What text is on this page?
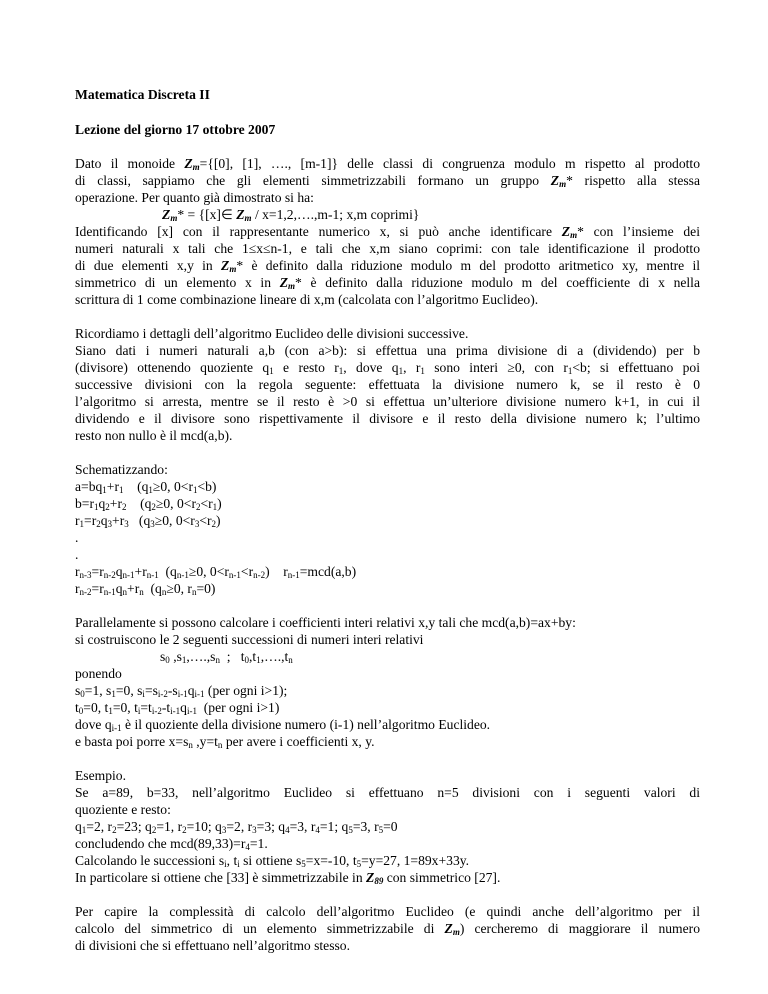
Matematica Discreta II
Lezione del giorno 17 ottobre 2007
Dato il monoide $Z_m=\{[0]$, [1], …., [m-1]} delle classi di congruenza modulo m rispetto al prodotto
di classi, sappiamo che gli elementi simmetrizzabili formano un gruppo $Z_m*$ rispetto alla stessa
operazione. Per quanto già dimostrato si ha:
$Z_m*$ = {[x]∈ $Z_m$ / x=1,2,….,m-1; x,m coprimi}
Identificando [x] con il rappresentante numerico x, si può anche identificare $Z_m*$ con l’insieme dei
numeri naturali x tali che 1≤x≤n-1, e tali che x,m siano coprimi: con tale identificazione il prodotto
di due elementi x,y in $Z_m*$ è definito dalla riduzione modulo m del prodotto aritmetico xy, mentre il
simmetrico di un elemento x in $Z_m*$ è definito dalla riduzione modulo m del coefficiente di x nella
scrittura di 1 come combinazione lineare di x,m (calcolata con l’algoritmo Euclideo).
Ricordiamo i dettagli dell’algoritmo Euclideo delle divisioni successive.
Siano dati i numeri naturali a,b (con a>b): si effettua una prima divisione di a (dividendo) per b
(divisore) ottenendo quoziente $q_1$ e resto $r_1$, dove $q_1$, $r_1$ sono interi ≥0, con $r_1<b$; si effettuano poi
successive divisioni con la regola seguente: effettuata la divisione numero k, se il resto è 0
l’algoritmo si arresta, mentre se il resto è >0 si effettua un’ulteriore divisione numero k+1, in cui il
dividendo e il divisore sono rispettivamente il divisore e il resto della divisione numero k; l’ultimo
resto non nullo è il mcd(a,b).
Schematizzando:
$a=bq_1+r_1$    ($q_1\ge 0$, $0<r_1<b$)
$b=r_1q_2+r_2$    ($q_2\ge 0$, $0<r_2<r_1$)
$r_1=r_2q_3+r_3$   ($q_3\ge 0$, $0<r_3<r_2$)
.
.
$r_{n-3}=r_{n-2}q_{n-1}+r_{n-1}$  ($q_{n-1}\ge 0$, $0<r_{n-1}<r_{n-2}$)    $r_{n-1}=mcd(a,b)$
$r_{n-2}=r_{n-1}q_n+r_n$  ($q_n\ge 0$, $r_n=0$)
Parallelamente si possono calcolare i coefficienti interi relativi x,y tali che mcd(a,b)=ax+by:
si costruiscono le 2 seguenti successioni di numeri interi relativi
$s_0$ $,s_1,\dots.,s_n$  ;   $t_0,t_1,\dots.,t_n$
ponendo
$s_0=1$, $s_1=0$, $s_i=s_{i-2}-s_{i-1}q_{i-1}$ (per ogni i>1);
$t_0=0$, $t_1=0$, $t_i=t_{i-2}-t_{i-1}q_{i-1}$  (per ogni i>1)
dove $q_{i-1}$ è il quoziente della divisione numero (i-1) nell’algoritmo Euclideo.
e basta poi porre $x=s_n$ $,y=t_n$ per avere i coefficienti x, y.
Esempio.
Se a=89, b=33, nell’algoritmo Euclideo si effettuano n=5 divisioni con i seguenti valori di
quoziente e resto:
$q_1=2$, $r_2=23$; $q_2=1$, $r_2=10$; $q_3=2$, $r_3=3$; $q_4=3$, $r_4=1$; $q_5=3$, $r_5=0$
concludendo che $mcd(89,33)=r_4=1$.
Calcolando le successioni $s_i$, $t_i$ si ottiene $s_5=x=-10$, $t_5=y=27$, 1=89x+33y.
In particolare si ottiene che [33] è simmetrizzabile in $Z_{89}$ con simmetrico [27].
Per capire la complessità di calcolo dell’algoritmo Euclideo (e quindi anche dell’algoritmo per il
calcolo del simmetrico di un elemento simmetrizzabile di $Z_m$) cercheremo di maggiorare il numero
di divisioni che si effettuano nell’algoritmo stesso.
